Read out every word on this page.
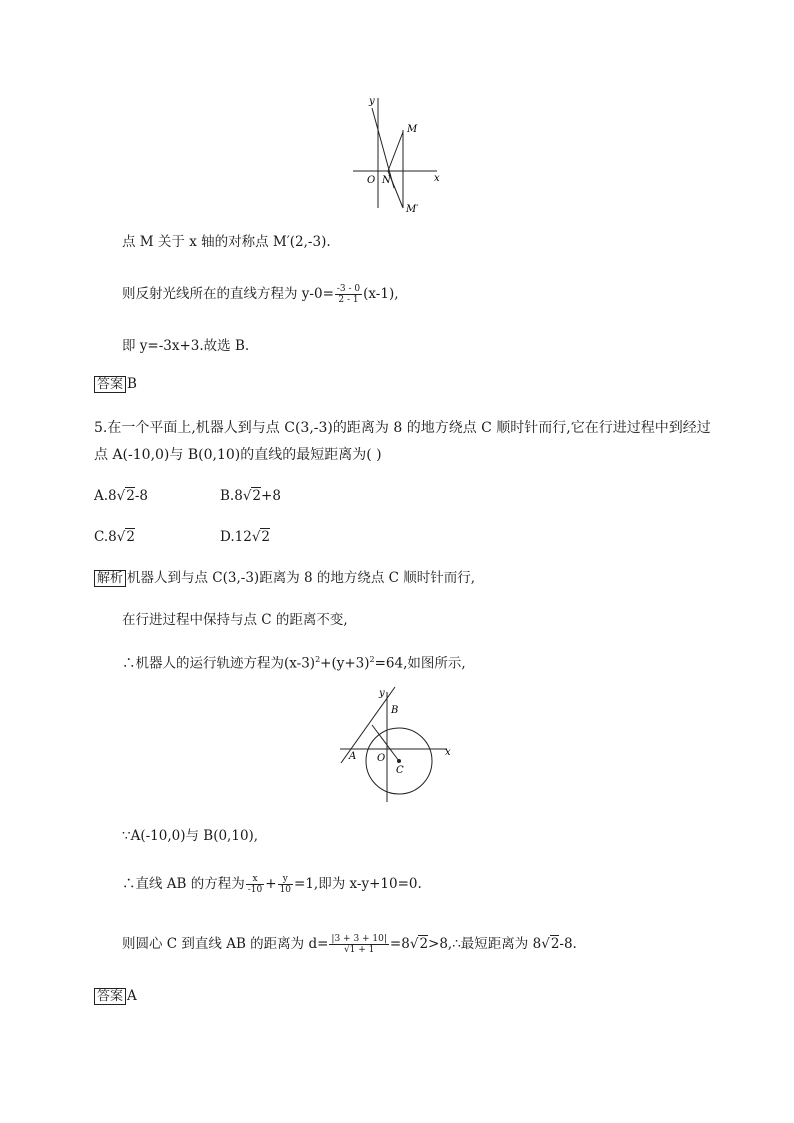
y
x
O N
M
M′
点 M 关于 x 轴的对称点 M′(2,-3).
则反射光线所在的直线方程为 $y-0= \frac{-3 - 0}{2 - 1} (x-1)$,
即 y=-3x+3.故选 B.
答案 B
5.在一个平面上,机器人到与点 C(3,-3)的距离为 8 的地方绕点 C 顺时针而行,它在行进过程中到经过
点 A(-10,0)与 B(0,10)的直线的最短距离为( )
A.8√2-8	B.8√2+8
C.8√2	D.12√2
解析 机器人到与点 C(3,-3)距离为 8 的地方绕点 C 顺时针而行,
在行进过程中保持与点 C 的距离不变,
∴机器人的运行轨迹方程为$(x-3)^2+(y+3)^2=64$,如图所示,
y
B
x
A O
C
∵A(-10,0)与 B(0,10),
∴直线 AB 的方程为 $\frac{x}{-10} + \frac{y}{10} =1$,即为 x-y+10=0.
则圆心 C 到直线 AB 的距离为 $d= \frac{|3 + 3 + 10|}{√1 + 1}$ =8√2>8,∴最短距离为 8√2-8.
答案 A
